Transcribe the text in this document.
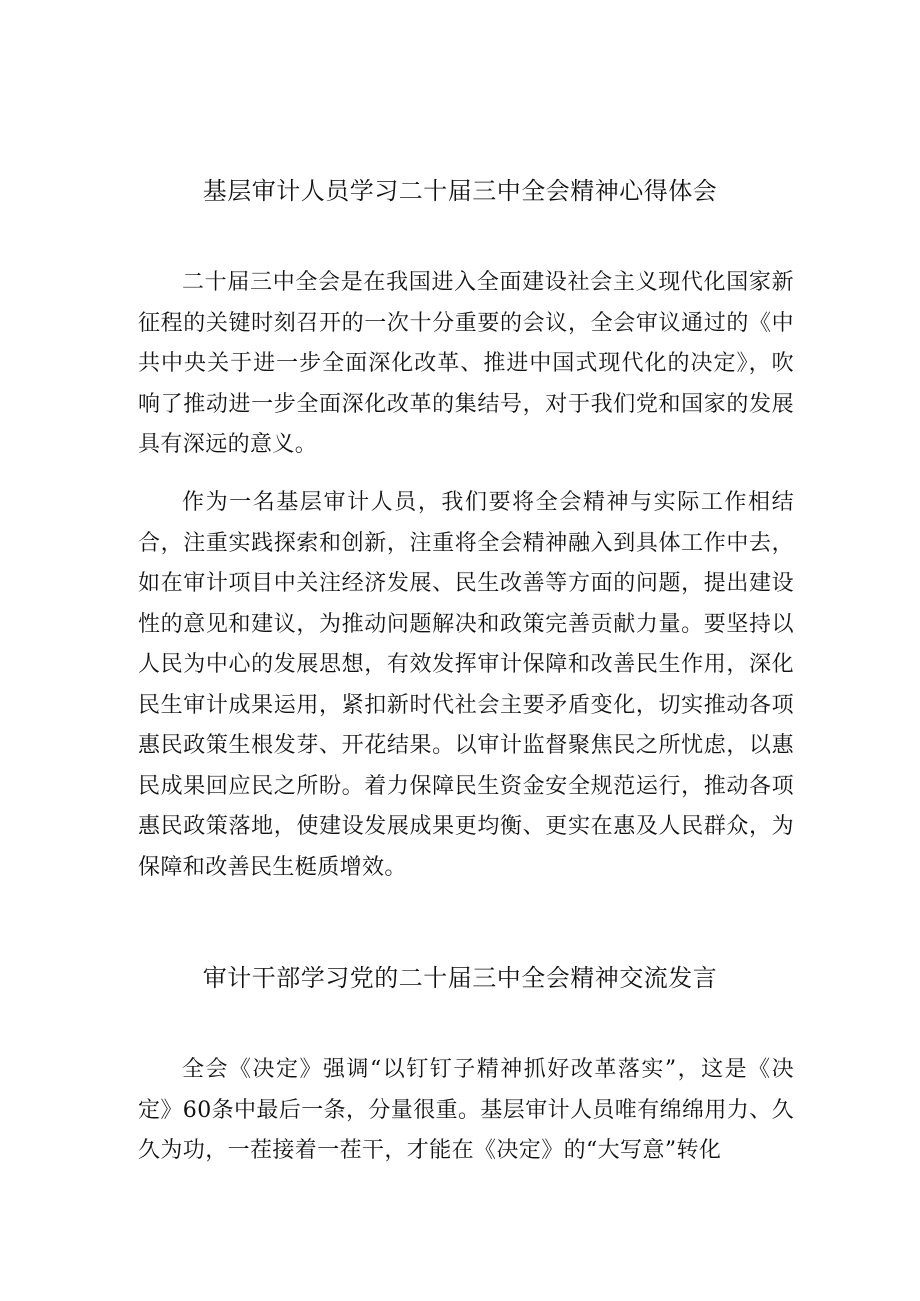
基层审计人员学习二十届三中全会精神心得体会

二十届三中全会是在我国进入全面建设社会主义现代化国家新征程的关键时刻召开的一次十分重要的会议，全会审议通过的《中共中央关于进一步全面深化改革、推进中国式现代化的决定》，吹响了推动进一步全面深化改革的集结号，对于我们党和国家的发展具有深远的意义。

作为一名基层审计人员，我们要将全会精神与实际工作相结合，注重实践探索和创新，注重将全会精神融入到具体工作中去，如在审计项目中关注经济发展、民生改善等方面的问题，提出建设性的意见和建议，为推动问题解决和政策完善贡献力量。要坚持以人民为中心的发展思想，有效发挥审计保障和改善民生作用，深化民生审计成果运用，紧扣新时代社会主要矛盾变化，切实推动各项惠民政策生根发芽、开花结果。以审计监督聚焦民之所忧虑，以惠民成果回应民之所盼。着力保障民生资金安全规范运行，推动各项惠民政策落地，使建设发展成果更均衡、更实在惠及人民群众，为保障和改善民生梃质增效。

审计干部学习党的二十届三中全会精神交流发言

全会《决定》强调“以钉钉子精神抓好改革落实”，这是《决定》60条中最后一条，分量很重。基层审计人员唯有绵绵用力、久久为功，一茬接着一茬干，才能在《决定》的“大写意”转化
